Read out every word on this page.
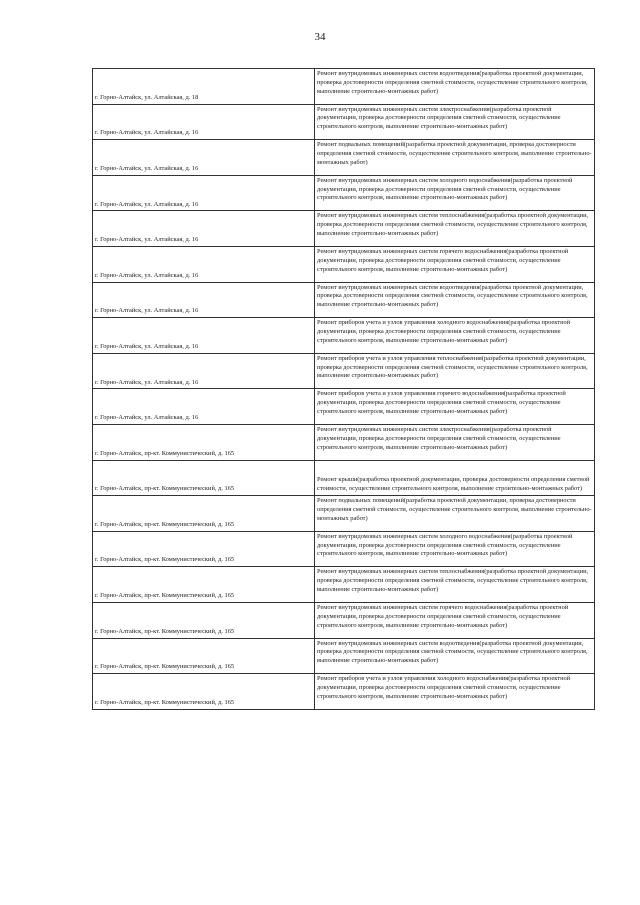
34
г. Горно-Алтайск, ул. Алтайская, д. 18	Ремонт внутридомовых инженерных систем водоотведения(разработка проектной документации, проверка достоверности определения сметной стоимости, осуществление строительного контроля, выполнение строительно-монтажных работ)
г. Горно-Алтайск, ул. Алтайская, д. 16	Ремонт внутридомовых инженерных систем электроснабжения(разработка проектной документации, проверка достоверности определения сметной стоимости, осуществление строительного контроля, выполнение строительно-монтажных работ)
г. Горно-Алтайск, ул. Алтайская, д. 16	Ремонт подвальных помещений(разработка проектной документации, проверка достоверности определения сметной стоимости, осуществление строительного контроля, выполнение строительно-монтажных работ)
г. Горно-Алтайск, ул. Алтайская, д. 16	Ремонт внутридомовых инженерных систем холодного водоснабжения(разработка проектной документации, проверка достоверности определения сметной стоимости, осуществление строительного контроля, выполнение строительно-монтажных работ)
г. Горно-Алтайск, ул. Алтайская, д. 16	Ремонт внутридомовых инженерных систем теплоснабжения(разработка проектной документации, проверка достоверности определения сметной стоимости, осуществление строительного контроля, выполнение строительно-монтажных работ)
г. Горно-Алтайск, ул. Алтайская, д. 16	Ремонт внутридомовых инженерных систем горячего водоснабжения(разработка проектной документации, проверка достоверности определения сметной стоимости, осуществление строительного контроля, выполнение строительно-монтажных работ)
г. Горно-Алтайск, ул. Алтайская, д. 16	Ремонт внутридомовых инженерных систем водоотведения(разработка проектной документации, проверка достоверности определения сметной стоимости, осуществление строительного контроля, выполнение строительно-монтажных работ)
г. Горно-Алтайск, ул. Алтайская, д. 16	Ремонт приборов учета и узлов управления холодного водоснабжения(разработка проектной документации, проверка достоверности определения сметной стоимости, осуществление строительного контроля, выполнение строительно-монтажных работ)
г. Горно-Алтайск, ул. Алтайская, д. 16	Ремонт приборов учета и узлов управления теплоснабжения(разработка проектной документации, проверка достоверности определения сметной стоимости, осуществление строительного контроля, выполнение строительно-монтажных работ)
г. Горно-Алтайск, ул. Алтайская, д. 16	Ремонт приборов учета и узлов управления горячего водоснабжения(разработка проектной документации, проверка достоверности определения сметной стоимости, осуществление строительного контроля, выполнение строительно-монтажных работ)
г. Горно-Алтайск, пр-кт. Коммунистический, д. 165	Ремонт внутридомовых инженерных систем электроснабжения(разработка проектной документации, проверка достоверности определения сметной стоимости, осуществление строительного контроля, выполнение строительно-монтажных работ)
г. Горно-Алтайск, пр-кт. Коммунистический, д. 165	Ремонт крыши(разработка проектной документации, проверка достоверности определения сметной стоимости, осуществление строительного контроля, выполнение строительно-монтажных работ)
г. Горно-Алтайск, пр-кт. Коммунистический, д. 165	Ремонт подвальных помещений(разработка проектной документации, проверка достоверности определения сметной стоимости, осуществление строительного контроля, выполнение строительно-монтажных работ)
г. Горно-Алтайск, пр-кт. Коммунистический, д. 165	Ремонт внутридомовых инженерных систем холодного водоснабжения(разработка проектной документации, проверка достоверности определения сметной стоимости, осуществление строительного контроля, выполнение строительно-монтажных работ)
г. Горно-Алтайск, пр-кт. Коммунистический, д. 165	Ремонт внутридомовых инженерных систем теплоснабжения(разработка проектной документации, проверка достоверности определения сметной стоимости, осуществление строительного контроля, выполнение строительно-монтажных работ)
г. Горно-Алтайск, пр-кт. Коммунистический, д. 165	Ремонт внутридомовых инженерных систем горячего водоснабжения(разработка проектной документации, проверка достоверности определения сметной стоимости, осуществление строительного контроля, выполнение строительно-монтажных работ)
г. Горно-Алтайск, пр-кт. Коммунистический, д. 165	Ремонт внутридомовых инженерных систем водоотведения(разработка проектной документации, проверка достоверности определения сметной стоимости, осуществление строительного контроля, выполнение строительно-монтажных работ)
г. Горно-Алтайск, пр-кт. Коммунистический, д. 165	Ремонт приборов учета и узлов управления холодного водоснабжения(разработка проектной документации, проверка достоверности определения сметной стоимости, осуществление строительного контроля, выполнение строительно-монтажных работ)
